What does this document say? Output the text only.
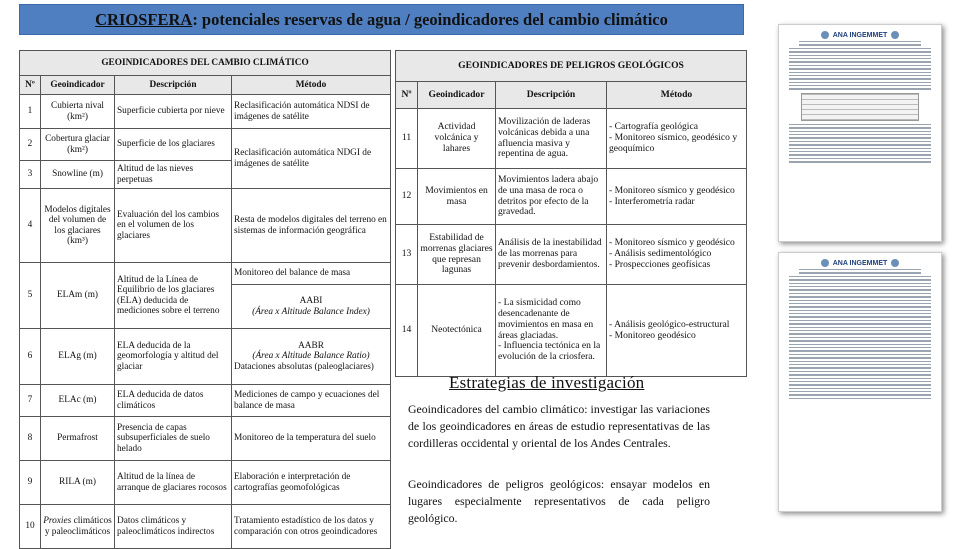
CRIOSFERA: potenciales reservas de agua / geoindicadores del cambio climático
GEOINDICADORES DEL CAMBIO CLIMÁTICO			
Nº	Geoindicador	Descripción	Método
1	Cubierta nival (km²)	Superficie cubierta por nieve	Reclasificación automática NDSI de imágenes de satélite
2	Cobertura glaciar (km²)	Superficie de los glaciares	Reclasificación automática NDGI de imágenes de satélite
3	Snowline (m)	Altitud de las nieves perpetuas	
4	Modelos digitales del volumen de los glaciares (km³)	Evaluación del los cambios en el volumen de los glaciares	Resta de modelos digitales del terreno en sistemas de información geográfica
5	ELAm (m)	Altitud de la Línea de Equilibrio de los glaciares (ELA) deducida de mediciones sobre el terreno	Monitoreo del balance de masa

			AABI
(Área x Altitude Balance Index)

6	ELAg (m)	ELA deducida de la geomorfología y altitud del glaciar	AABR
(Área x Altitude Balance Ratio)
Dataciones absolutas (paleoglaciares)

7	ELAc (m)	ELA deducida de datos climáticos	Mediciones de campo y ecuaciones del balance de masa
8	Permafrost	Presencia de capas subsuperficiales de suelo helado	Monitoreo de la temperatura del suelo
9	RILA (m)	Altitud de la línea de arranque de glaciares rocosos	Elaboración e interpretación de cartografías geomofológicas
10	Proxies climáticos y paleoclimáticos	Datos climáticos y paleoclimáticos indirectos	Tratamiento estadístico de los datos y comparación con otros geoindicadores
GEOINDICADORES DE PELIGROS GEOLÓGICOS			
Nº	Geoindicador	Descripción	Método
11	Actividad volcánica y lahares	Movilización de laderas volcánicas debida a una afluencia masiva y repentina de agua.	- Cartografía geológica
- Monitoreo sísmico, geodésico y geoquímico
12	Movimientos en masa	Movimientos ladera abajo de una masa de roca o detritos por efecto de la gravedad.	- Monitoreo sísmico y geodésico
- Interferometría radar
13	Estabilidad de morrenas glaciares que represan lagunas	Análisis de la inestabilidad de las morrenas para prevenir desbordamientos.	- Monitoreo sísmico y geodésico
- Análisis sedimentológico
- Prospecciones geofísicas
14	Neotectónica	- La sismicidad como desencadenante de movimientos en masa en áreas glaciadas.
- Influencia tectónica en la evolución de la criosfera.	- Análisis geológico-estructural
- Monitoreo geodésico
Estrategias de investigación
Geoindicadores del cambio climático: investigar las variaciones de los geoindicadores en áreas de estudio representativas de las cordilleras occidental y oriental de los Andes Centrales.
Geoindicadores de peligros geológicos: ensayar modelos en lugares especialmente representativos de cada peligro geológico.
ANA INGEMMET
ANA INGEMMET
